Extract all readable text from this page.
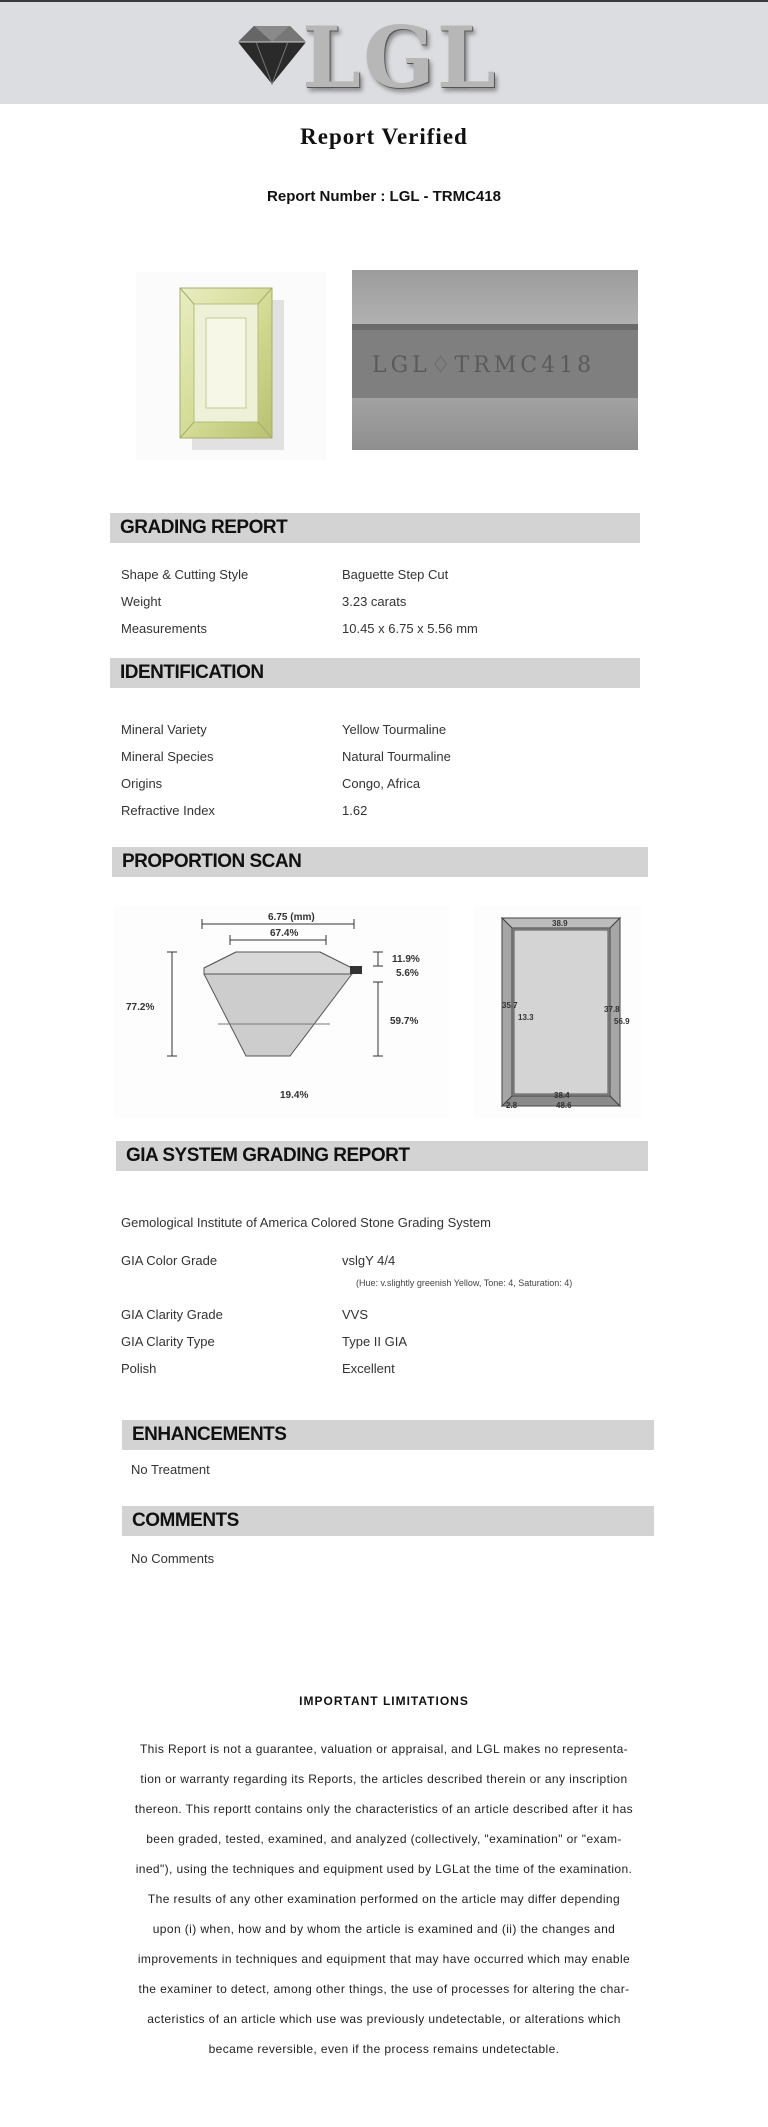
LGL
Report Verified
Report Number : LGL - TRMC418
LGL♢TRMC418
GRADING REPORT
Shape & Cutting Style	Baguette Step Cut
Weight	3.23 carats
Measurements	10.45 x 6.75 x 5.56 mm
IDENTIFICATION
Mineral Variety	Yellow Tourmaline
Mineral Species	Natural Tourmaline
Origins	Congo, Africa
Refractive Index	1.62
PROPORTION SCAN
6.75 (mm)
67.4%
77.2%
11.9%
5.6%
59.7%
19.4%
38.9
35.7
13.3
37.8
56.9
38.4
48.6
2.8
GIA SYSTEM GRADING REPORT
Gemological Institute of America Colored Stone Grading System
GIA Color Grade	vslgY 4/4
(Hue: v.slightly greenish Yellow, Tone: 4, Saturation: 4)
GIA Clarity Grade	VVS
GIA Clarity Type	Type II GIA
Polish	Excellent
ENHANCEMENTS
No Treatment
COMMENTS
No Comments
IMPORTANT LIMITATIONS
This Report is not a guarantee, valuation or appraisal, and LGL makes no representa-
tion or warranty regarding its Reports, the articles described therein or any inscription
thereon. This reportt contains only the characteristics of an article described after it has
been graded, tested, examined, and analyzed (collectively, "examination" or "exam-
ined"), using the techniques and equipment used by LGLat the time of the examination.
The results of any other examination performed on the article may differ depending
upon (i) when, how and by whom the article is examined and (ii) the changes and
improvements in techniques and equipment that may have occurred which may enable
the examiner to detect, among other things, the use of processes for altering the char-
acteristics of an article which use was previously undetectable, or alterations which
became reversible, even if the process remains undetectable.
